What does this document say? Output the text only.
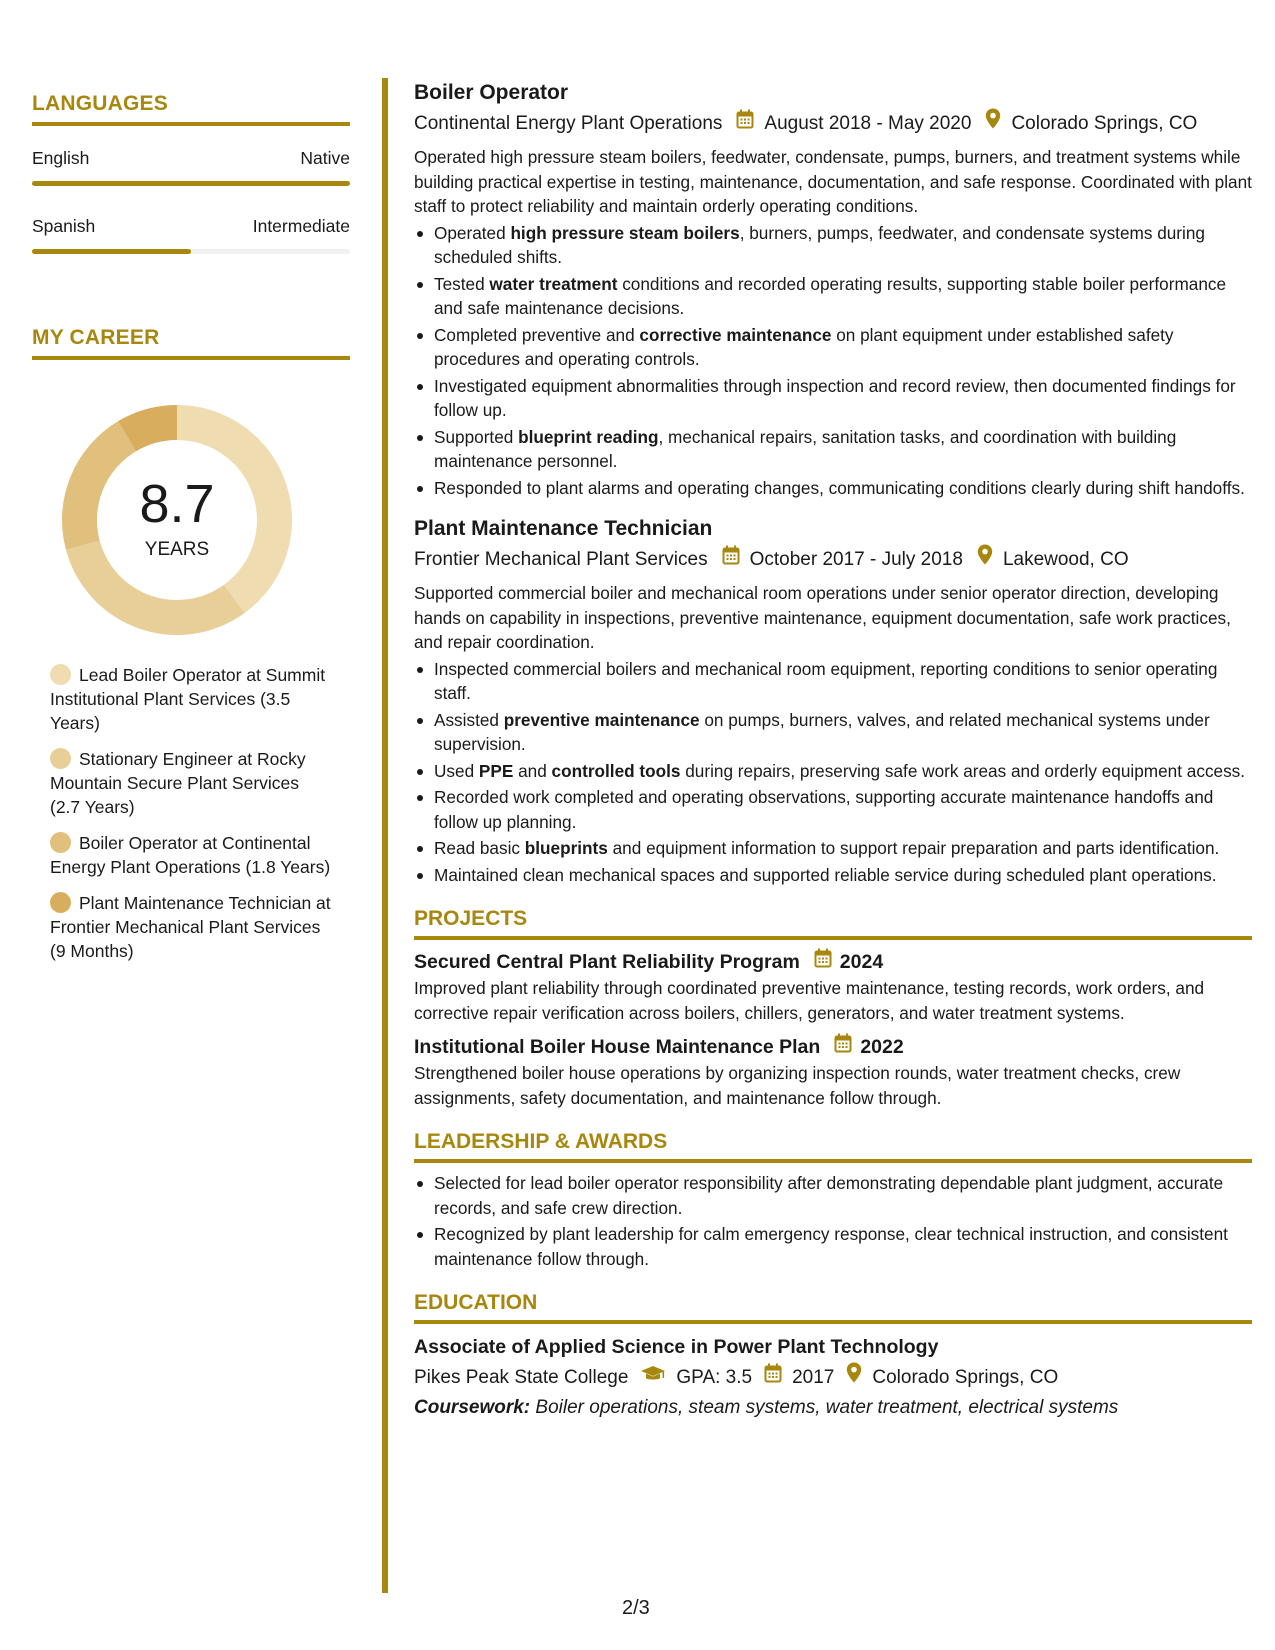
LANGUAGES
English	Native
Spanish	Intermediate
MY CAREER
8.7
YEARS
Lead Boiler Operator at Summit Institutional Plant Services (3.5 Years)
Stationary Engineer at Rocky Mountain Secure Plant Services (2.7 Years)
Boiler Operator at Continental Energy Plant Operations (1.8 Years)
Plant Maintenance Technician at Frontier Mechanical Plant Services (9 Months)
Boiler Operator
Continental Energy Plant Operations August 2018 - May 2020 Colorado Springs, CO
Operated high pressure steam boilers, feedwater, condensate, pumps, burners, and treatment systems while building practical expertise in testing, maintenance, documentation, and safe response. Coordinated with plant staff to protect reliability and maintain orderly operating conditions.
Operated high pressure steam boilers, burners, pumps, feedwater, and condensate systems during scheduled shifts.
Tested water treatment conditions and recorded operating results, supporting stable boiler performance and safe maintenance decisions.
Completed preventive and corrective maintenance on plant equipment under established safety procedures and operating controls.
Investigated equipment abnormalities through inspection and record review, then documented findings for follow up.
Supported blueprint reading, mechanical repairs, sanitation tasks, and coordination with building maintenance personnel.
Responded to plant alarms and operating changes, communicating conditions clearly during shift handoffs.
Plant Maintenance Technician
Frontier Mechanical Plant Services October 2017 - July 2018 Lakewood, CO
Supported commercial boiler and mechanical room operations under senior operator direction, developing hands on capability in inspections, preventive maintenance, equipment documentation, safe work practices, and repair coordination.
Inspected commercial boilers and mechanical room equipment, reporting conditions to senior operating staff.
Assisted preventive maintenance on pumps, burners, valves, and related mechanical systems under supervision.
Used PPE and controlled tools during repairs, preserving safe work areas and orderly equipment access.
Recorded work completed and operating observations, supporting accurate maintenance handoffs and follow up planning.
Read basic blueprints and equipment information to support repair preparation and parts identification.
Maintained clean mechanical spaces and supported reliable service during scheduled plant operations.
PROJECTS
Secured Central Plant Reliability Program 2024
Improved plant reliability through coordinated preventive maintenance, testing records, work orders, and corrective repair verification across boilers, chillers, generators, and water treatment systems.
Institutional Boiler House Maintenance Plan 2022
Strengthened boiler house operations by organizing inspection rounds, water treatment checks, crew assignments, safety documentation, and maintenance follow through.
LEADERSHIP & AWARDS
Selected for lead boiler operator responsibility after demonstrating dependable plant judgment, accurate records, and safe crew direction.
Recognized by plant leadership for calm emergency response, clear technical instruction, and consistent maintenance follow through.
EDUCATION
Associate of Applied Science in Power Plant Technology
Pikes Peak State College	GPA: 3.5 2017 Colorado Springs, CO
Coursework: Boiler operations, steam systems, water treatment, electrical systems
2/3
